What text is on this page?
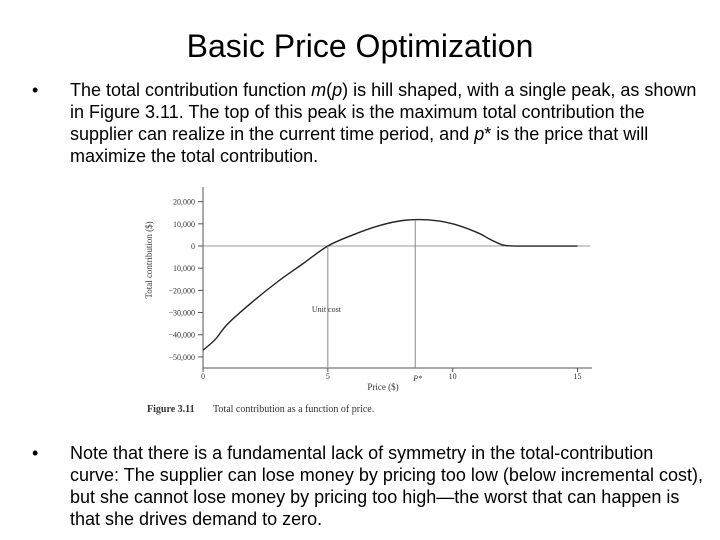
Basic Price Optimization
•	The total contribution function m(p) is hill shaped, with a single peak, as shown in Figure 3.11. The top of this peak is the maximum total contribution the supplier can realize in the current time period, and p* is the price that will maximize the total contribution.
20,000
10,000
0
10,000
−20,000
−30,000
−40,000
−50,000
0	5	10	15
Unit cost
P*
Total contribution ($)
Price ($)
Figure 3.11 Total contribution as a function of price.
•	Note that there is a fundamental lack of symmetry in the total-contribution curve: The supplier can lose money by pricing too low (below incremental cost), but she cannot lose money by pricing too high—the worst that can happen is that she drives demand to zero.
